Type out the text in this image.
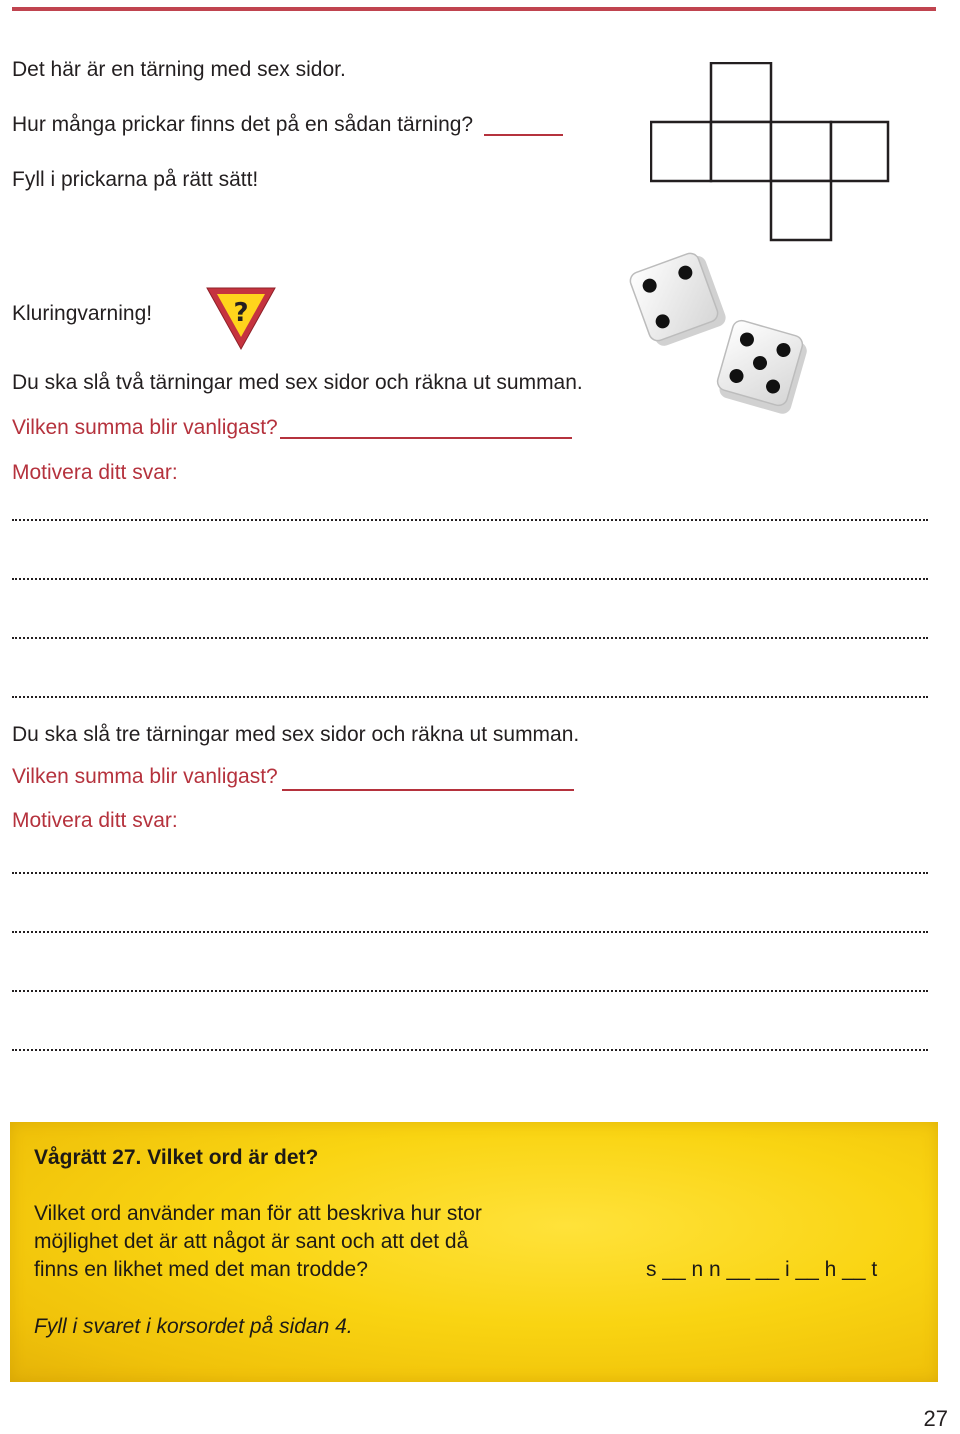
Det här är en tärning med sex sidor.
Hur många prickar finns det på en sådan tärning?
Fyll i prickarna på rätt sätt!
Kluringvarning!	?
Du ska slå två tärningar med sex sidor och räkna ut summan.
Vilken summa blir vanligast?
Motivera ditt svar:
Du ska slå tre tärningar med sex sidor och räkna ut summan.
Vilken summa blir vanligast?
Motivera ditt svar:
Vågrätt 27. Vilket ord är det?
Vilket ord använder man för att beskriva hur stor
möjlighet det är att något är sant och att det då
finns en likhet med det man trodde?	s __ n n __ __ i __ h __ t
Fyll i svaret i korsordet på sidan 4.
27
